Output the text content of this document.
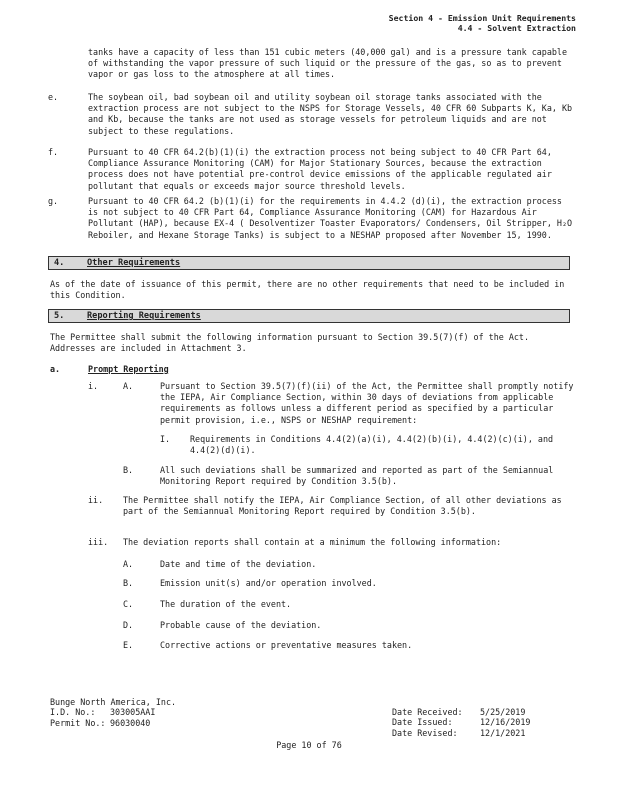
Section 4 - Emission Unit Requirements
4.4 - Solvent Extraction
tanks have a capacity of less than 151 cubic meters (40,000 gal) and is a pressure tank capable of withstanding the vapor pressure of such liquid or the pressure of the gas, so as to prevent vapor or gas loss to the atmosphere at all times.
e.	The soybean oil, bad soybean oil and utility soybean oil storage tanks associated with the extraction process are not subject to the NSPS for Storage Vessels, 40 CFR 60 Subparts K, Ka, Kb and Kb, because the tanks are not used as storage vessels for petroleum liquids and are not subject to these regulations.
f.	Pursuant to 40 CFR 64.2(b)(1)(i) the extraction process not being subject to 40 CFR Part 64, Compliance Assurance Monitoring (CAM) for Major Stationary Sources, because the extraction process does not have potential pre-control device emissions of the applicable regulated air pollutant that equals or exceeds major source threshold levels.
g.	Pursuant to 40 CFR 64.2 (b)(1)(i) for the requirements in 4.4.2 (d)(i), the extraction process is not subject to 40 CFR Part 64, Compliance Assurance Monitoring (CAM) for Hazardous Air Pollutant (HAP), because EX-4 ( Desolventizer Toaster Evaporators/ Condensers, Oil Stripper, H₂O Reboiler, and Hexane Storage Tanks) is subject to a NESHAP proposed after November 15, 1990.
4.	Other Requirements
As of the date of issuance of this permit, there are no other requirements that need to be included in this Condition.
5.	Reporting Requirements
The Permittee shall submit the following information pursuant to Section 39.5(7)(f) of the Act. Addresses are included in Attachment 3.
a.	Prompt Reporting
i.	A.	Pursuant to Section 39.5(7)(f)(ii) of the Act, the Permittee shall promptly notify the IEPA, Air Compliance Section, within 30 days of deviations from applicable requirements as follows unless a different period as specified by a particular permit provision, i.e., NSPS or NESHAP requirement:
I. Requirements in Conditions 4.4(2)(a)(i), 4.4(2)(b)(i), 4.4(2)(c)(i), and 4.4(2)(d)(i).
B.	All such deviations shall be summarized and reported as part of the Semiannual Monitoring Report required by Condition 3.5(b).
ii. The Permittee shall notify the IEPA, Air Compliance Section, of all other deviations as part of the Semiannual Monitoring Report required by Condition 3.5(b).
iii. The deviation reports shall contain at a minimum the following information:
A.	Date and time of the deviation.
B.	Emission unit(s) and/or operation involved.
C.	The duration of the event.
D.	Probable cause of the deviation.
E.	Corrective actions or preventative measures taken.
Bunge North America, Inc.
I.D. No.: 303005AAI
Permit No.: 96030040
Date Received: 5/25/2019
Date Issued:	12/16/2019
Date Revised:	12/1/2021
Page 10 of 76
